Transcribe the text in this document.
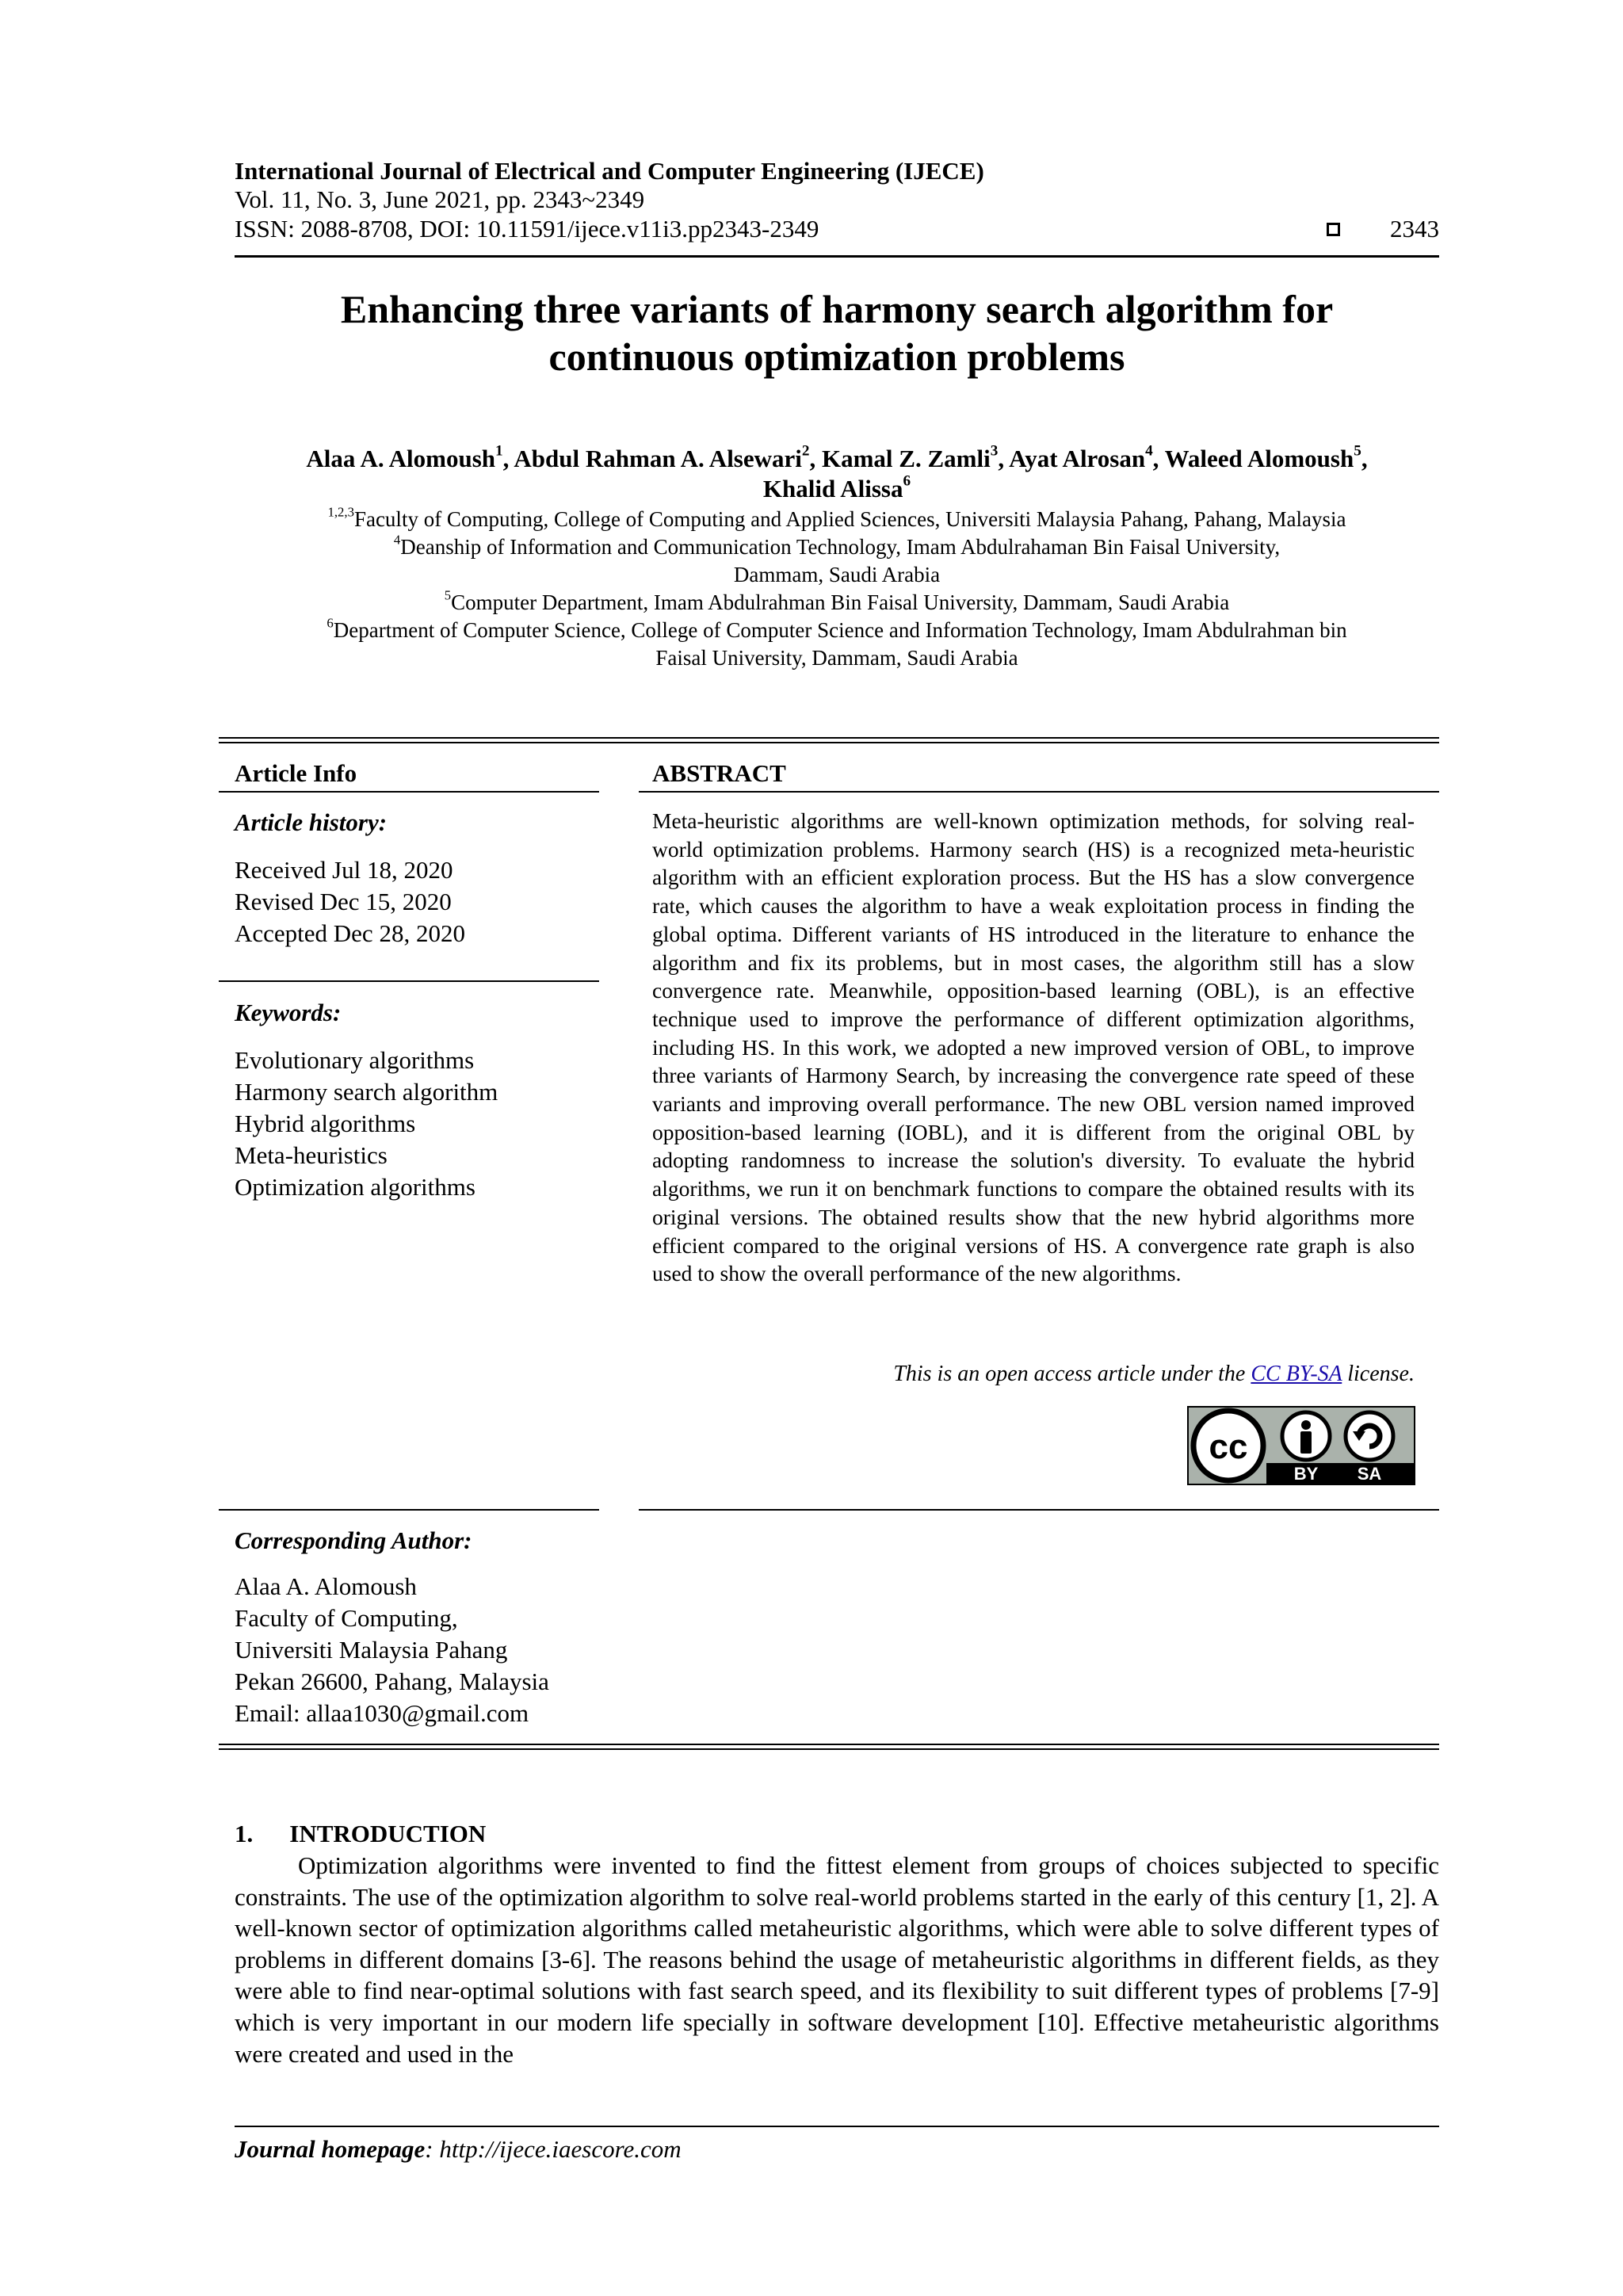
International Journal of Electrical and Computer Engineering (IJECE)
Vol. 11, No. 3, June 2021, pp. 2343~2349
ISSN: 2088-8708, DOI: 10.11591/ijece.v11i3.pp2343-2349	2343
Enhancing three variants of harmony search algorithm for
continuous optimization problems
Alaa A. Alomoush$^1$, Abdul Rahman A. Alsewari$^2$, Kamal Z. Zamli$^3$, Ayat Alrosan$^4$, Waleed Alomoush$^5$,
Khalid Alissa$^6$
$^{1,2,3}$Faculty of Computing, College of Computing and Applied Sciences, Universiti Malaysia Pahang, Pahang, Malaysia
$^4$Deanship of Information and Communication Technology, Imam Abdulrahaman Bin Faisal University,
Dammam, Saudi Arabia
$^5$Computer Department, Imam Abdulrahman Bin Faisal University, Dammam, Saudi Arabia
$^6$Department of Computer Science, College of Computer Science and Information Technology, Imam Abdulrahman bin
Faisal University, Dammam, Saudi Arabia
Article Info
Article history:
Received Jul 18, 2020
Revised Dec 15, 2020
Accepted Dec 28, 2020
Keywords:
Evolutionary algorithms
Harmony search algorithm
Hybrid algorithms
Meta-heuristics
Optimization algorithms
ABSTRACT
Meta-heuristic algorithms are well-known optimization methods, for solving real-world optimization problems. Harmony search (HS) is a recognized meta-heuristic algorithm with an efficient exploration process. But the HS has a slow convergence rate, which causes the algorithm to have a weak exploitation process in finding the global optima. Different variants of HS introduced in the literature to enhance the algorithm and fix its problems, but in most cases, the algorithm still has a slow convergence rate. Meanwhile, opposition-based learning (OBL), is an effective technique used to improve the performance of different optimization algorithms, including HS. In this work, we adopted a new improved version of OBL, to improve three variants of Harmony Search, by increasing the convergence rate speed of these variants and improving overall performance. The new OBL version named improved opposition-based learning (IOBL), and it is different from the original OBL by adopting randomness to increase the solution's diversity. To evaluate the hybrid algorithms, we run it on benchmark functions to compare the obtained results with its original versions. The obtained results show that the new hybrid algorithms more efficient compared to the original versions of HS. A convergence rate graph is also used to show the overall performance of the new algorithms.
This is an open access article under the CC BY-SA license.
cc
BY SA
Corresponding Author:
Alaa A. Alomoush
Faculty of Computing,
Universiti Malaysia Pahang
Pekan 26600, Pahang, Malaysia
Email: allaa1030@gmail.com
1. INTRODUCTION
Optimization algorithms were invented to find the fittest element from groups of choices subjected to specific constraints. The use of the optimization algorithm to solve real-world problems started in the early of this century [1, 2]. A well-known sector of optimization algorithms called metaheuristic algorithms, which were able to solve different types of problems in different domains [3-6]. The reasons behind the usage of metaheuristic algorithms in different fields, as they were able to find near-optimal solutions with fast search speed, and its flexibility to suit different types of problems [7-9] which is very important in our modern life specially in software development [10]. Effective metaheuristic algorithms were created and used in the
Journal homepage: http://ijece.iaescore.com
